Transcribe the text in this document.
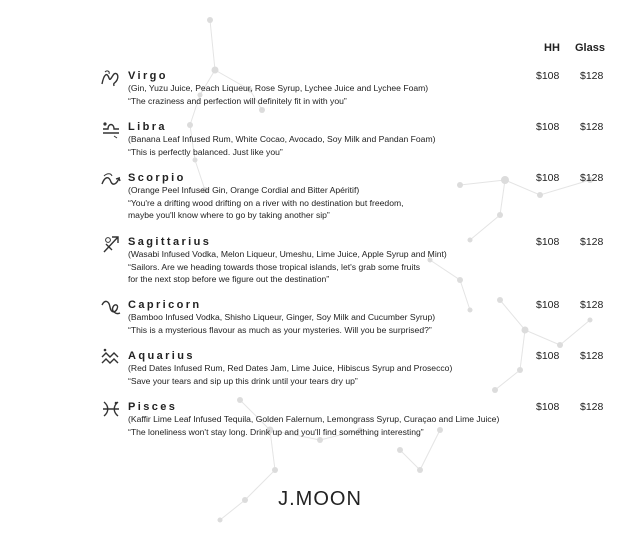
HH Glass
Virgo
(Gin, Yuzu Juice, Peach Liqueur, Rose Syrup, Lychee Juice and Lychee Foam)
“The craziness and perfection will definitely fit in with you”
$108 $128
Libra
(Banana Leaf Infused Rum, White Cocao, Avocado, Soy Milk and Pandan Foam)
“This is perfectly balanced. Just like you”
$108 $128
Scorpio
(Orange Peel Infused Gin, Orange Cordial and Bitter Apéritif)
“You're a drifting wood drifting on a river with no destination but freedom,
maybe you'll know where to go by taking another sip”
$108 $128
Sagittarius
(Wasabi Infused Vodka, Melon Liqueur, Umeshu, Lime Juice, Apple Syrup and Mint)
“Sailors. Are we heading towards those tropical islands, let's grab some fruits
for the next stop before we figure out the destination”
$108 $128
Capricorn
(Bamboo Infused Vodka, Shisho Liqueur, Ginger, Soy Milk and Cucumber Syrup)
“This is a mysterious flavour as much as your mysteries. Will you be surprised?”
$108 $128
Aquarius
(Red Dates Infused Rum, Red Dates Jam, Lime Juice, Hibiscus Syrup and Prosecco)
“Save your tears and sip up this drink until your tears dry up”
$108 $128
Pisces
(Kaffir Lime Leaf Infused Tequila, Golden Falernum, Lemongrass Syrup, Curaçao and Lime Juice)
“The loneliness won't stay long. Drink up and you'll find something interesting”
$108 $128
J.MOON
